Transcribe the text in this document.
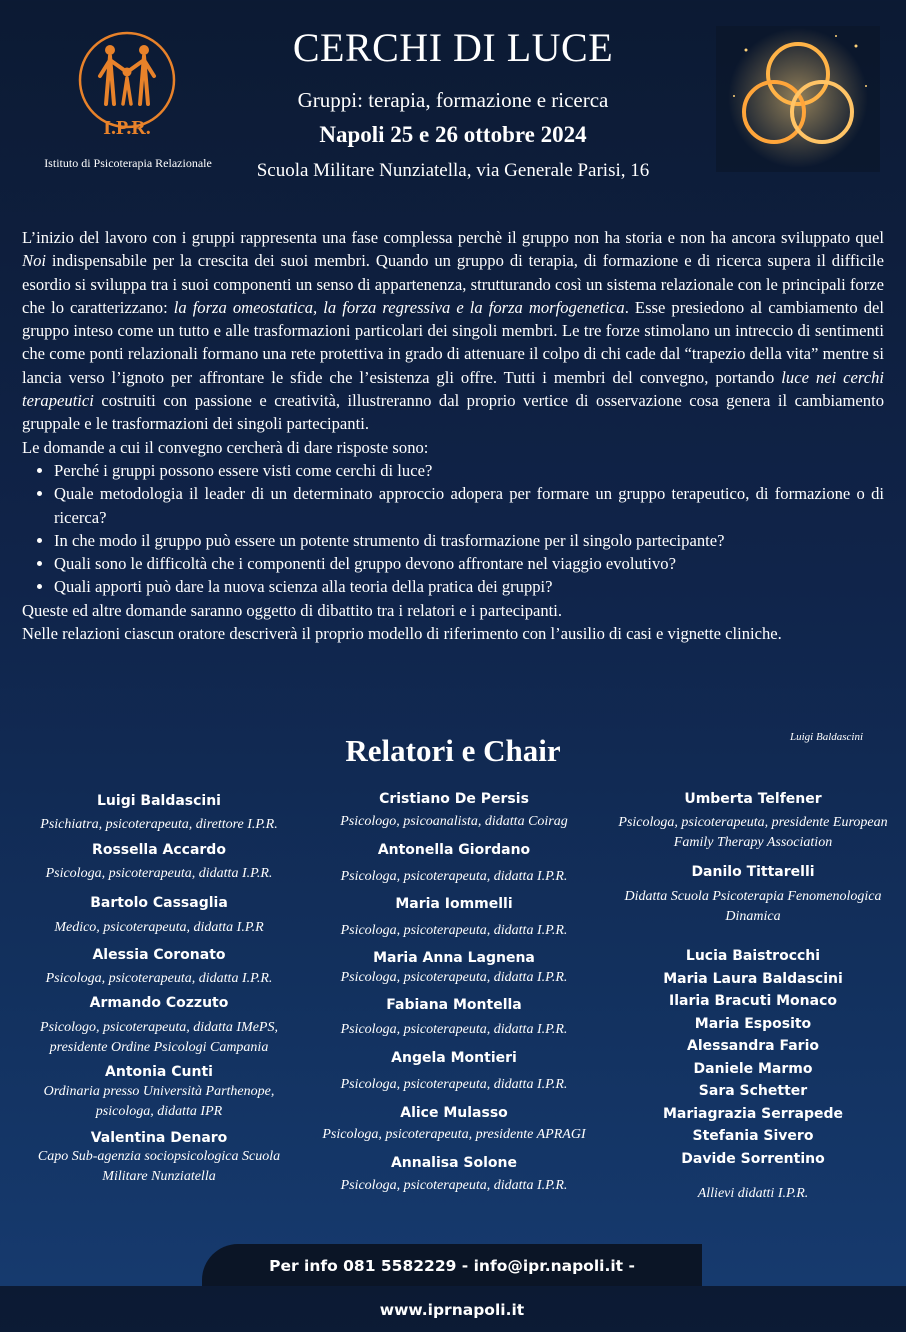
I.P.R.
Istituto di Psicoterapia Relazionale
CERCHI DI LUCE
Gruppi: terapia, formazione e ricerca
Napoli 25 e 26 ottobre 2024
Scuola Militare Nunziatella, via Generale Parisi, 16

L’inizio del lavoro con i gruppi rappresenta una fase complessa perchè il gruppo non ha storia e non ha ancora sviluppato quel Noi indispensabile per la crescita dei suoi membri. Quando un gruppo di terapia, di formazione e di ricerca supera il difficile esordio si sviluppa tra i suoi componenti un senso di appartenenza, strutturando così un sistema relazionale con le principali forze che lo caratterizzano: la forza omeostatica, la forza regressiva e la forza morfogenetica. Esse presiedono al cambiamento del gruppo inteso come un tutto e alle trasformazioni particolari dei singoli membri. Le tre forze stimolano un intreccio di sentimenti che come ponti relazionali formano una rete protettiva in grado di attenuare il colpo di chi cade dal “trapezio della vita” mentre si lancia verso l’ignoto per affrontare le sfide che l’esistenza gli offre. Tutti i membri del convegno, portando luce nei cerchi terapeutici costruiti con passione e creatività, illustreranno dal proprio vertice di osservazione cosa genera il cambiamento gruppale e le trasformazioni dei singoli partecipanti.

Le domande a cui il convegno cercherà di dare risposte sono:

• Perché i gruppi possono essere visti come cerchi di luce?
• Quale metodologia il leader di un determinato approccio adopera per formare un gruppo terapeutico, di formazione o di ricerca?
• In che modo il gruppo può essere un potente strumento di trasformazione per il singolo partecipante?
• Quali sono le difficoltà che i componenti del gruppo devono affrontare nel viaggio evolutivo?
• Quali apporti può dare la nuova scienza alla teoria della pratica dei gruppi?

Queste ed altre domande saranno oggetto di dibattito tra i relatori e i partecipanti.

Nelle relazioni ciascun oratore descriverà il proprio modello di riferimento con l’ausilio di casi e vignette cliniche.

Luigi Baldascini
Relatori e Chair
Luigi Baldascini
Psichiatra, psicoterapeuta, direttore I.P.R.
Rossella Accardo
Psicologa, psicoterapeuta, didatta I.P.R.
Bartolo Cassaglia
Medico, psicoterapeuta, didatta I.P.R
Alessia Coronato
Psicologa, psicoterapeuta, didatta I.P.R.
Armando Cozzuto
Psicologo, psicoterapeuta, didatta IMePS, presidente Ordine Psicologi Campania
Antonia Cunti
Ordinaria presso Università Parthenope, psicologa, didatta IPR
Valentina Denaro
Capo Sub-agenzia sociopsicologica Scuola Militare Nunziatella
Cristiano De Persis
Psicologo, psicoanalista, didatta Coirag
Antonella Giordano
Psicologa, psicoterapeuta, didatta I.P.R.
Maria Iommelli
Psicologa, psicoterapeuta, didatta I.P.R.
Maria Anna Lagnena
Psicologa, psicoterapeuta, didatta I.P.R.
Fabiana Montella
Psicologa, psicoterapeuta, didatta I.P.R.
Angela Montieri
Psicologa, psicoterapeuta, didatta I.P.R.
Alice Mulasso
Psicologa, psicoterapeuta, presidente APRAGI
Annalisa Solone
Psicologa, psicoterapeuta, didatta I.P.R.
Umberta Telfener
Psicologa, psicoterapeuta, presidente European Family Therapy Association
Danilo Tittarelli
Didatta Scuola Psicoterapia Fenomenologica Dinamica
Lucia Baistrocchi
Maria Laura Baldascini
Ilaria Bracuti Monaco
Maria Esposito
Alessandra Fario
Daniele Marmo
Sara Schetter
Mariagrazia Serrapede
Stefania Sivero
Davide Sorrentino
Allievi didatti I.P.R.
Per info 081 5582229 - info@ipr.napoli.it - www.iprnapoli.it
